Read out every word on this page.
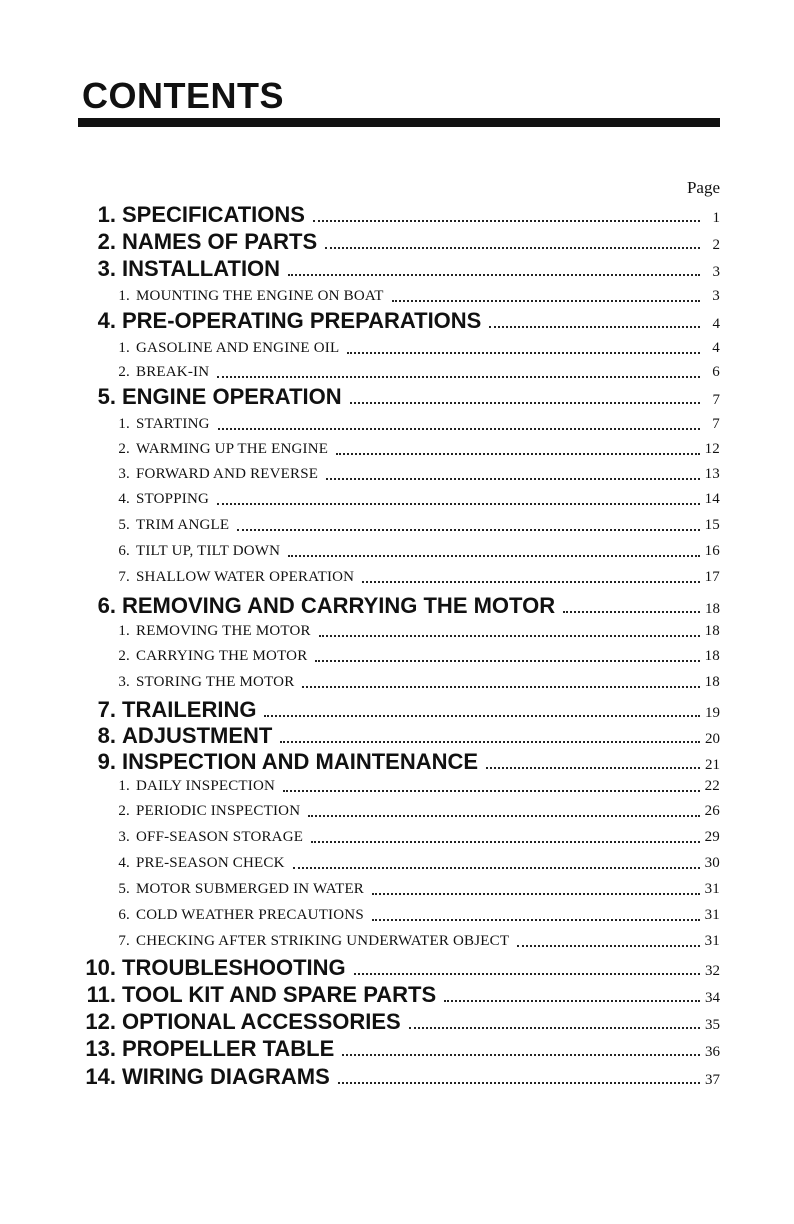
CONTENTS
Page
1. SPECIFICATIONS	1
2. NAMES OF PARTS	2
3. INSTALLATION	3
1. MOUNTING THE ENGINE ON BOAT	3
4. PRE-OPERATING PREPARATIONS	4
1. GASOLINE AND ENGINE OIL	4
2. BREAK-IN	6
5. ENGINE OPERATION	7
1. STARTING	7
2. WARMING UP THE ENGINE	12
3. FORWARD AND REVERSE	13
4. STOPPING	14
5. TRIM ANGLE	15
6. TILT UP, TILT DOWN	16
7. SHALLOW WATER OPERATION	17
6. REMOVING AND CARRYING THE MOTOR	18
1. REMOVING THE MOTOR	18
2. CARRYING THE MOTOR	18
3. STORING THE MOTOR	18
7. TRAILERING	19
8. ADJUSTMENT	20
9. INSPECTION AND MAINTENANCE	21
1. DAILY INSPECTION	22
2. PERIODIC INSPECTION	26
3. OFF-SEASON STORAGE	29
4. PRE-SEASON CHECK	30
5. MOTOR SUBMERGED IN WATER	31
6. COLD WEATHER PRECAUTIONS	31
7. CHECKING AFTER STRIKING UNDERWATER OBJECT	31
10. TROUBLESHOOTING	32
11. TOOL KIT AND SPARE PARTS	34
12. OPTIONAL ACCESSORIES	35
13. PROPELLER TABLE	36
14. WIRING DIAGRAMS	37
